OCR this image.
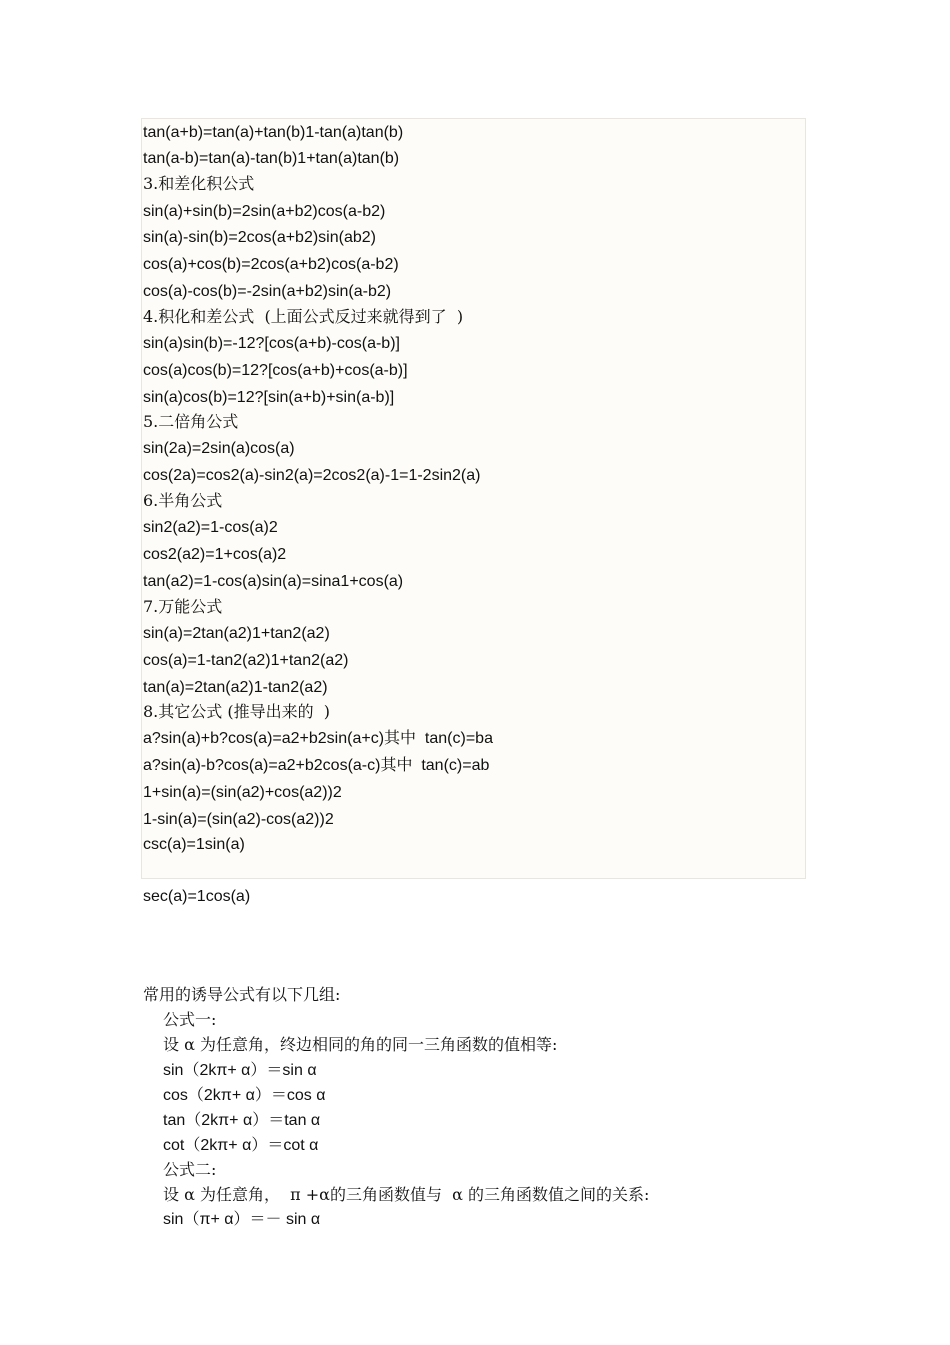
tan(a+b)=tan(a)+tan(b)1-tan(a)tan(b)

tan(a-b)=tan(a)-tan(b)1+tan(a)tan(b)

3.和差化积公式

sin(a)+sin(b)=2sin(a+b2)cos(a-b2)

sin(a)-sin(b)=2cos(a+b2)sin(ab2)

cos(a)+cos(b)=2cos(a+b2)cos(a-b2)

cos(a)-cos(b)=-2sin(a+b2)sin(a-b2)

4.积化和差公式  (上面公式反过来就得到了  )

sin(a)sin(b)=-12?[cos(a+b)-cos(a-b)]

cos(a)cos(b)=12?[cos(a+b)+cos(a-b)]

sin(a)cos(b)=12?[sin(a+b)+sin(a-b)]

5.二倍角公式

sin(2a)=2sin(a)cos(a)

cos(2a)=cos2(a)-sin2(a)=2cos2(a)-1=1-2sin2(a)

6.半角公式

sin2(a2)=1-cos(a)2

cos2(a2)=1+cos(a)2

tan(a2)=1-cos(a)sin(a)=sina1+cos(a)

7.万能公式

sin(a)=2tan(a2)1+tan2(a2)

cos(a)=1-tan2(a2)1+tan2(a2)

tan(a)=2tan(a2)1-tan2(a2)

8.其它公式 (推导出来的  )

a?sin(a)+b?cos(a)=a2+b2sin(a+c)其中  tan(c)=ba

a?sin(a)-b?cos(a)=a2+b2cos(a-c)其中  tan(c)=ab

1+sin(a)=(sin(a2)+cos(a2))2

1-sin(a)=(sin(a2)-cos(a2))2

csc(a)=1sin(a)

sec(a)=1cos(a)

常用的诱导公式有以下几组:

公式一:

设 α 为任意角，终边相同的角的同一三角函数的值相等:

sin（2kπ+ α）＝sin α

cos（2kπ+ α）＝cos α

tan（2kπ+ α）＝tan α

cot（2kπ+ α）＝cot α

公式二:

设 α 为任意角，  π +α的三角函数值与  α 的三角函数值之间的关系:

sin（π+ α）＝－ sin α
